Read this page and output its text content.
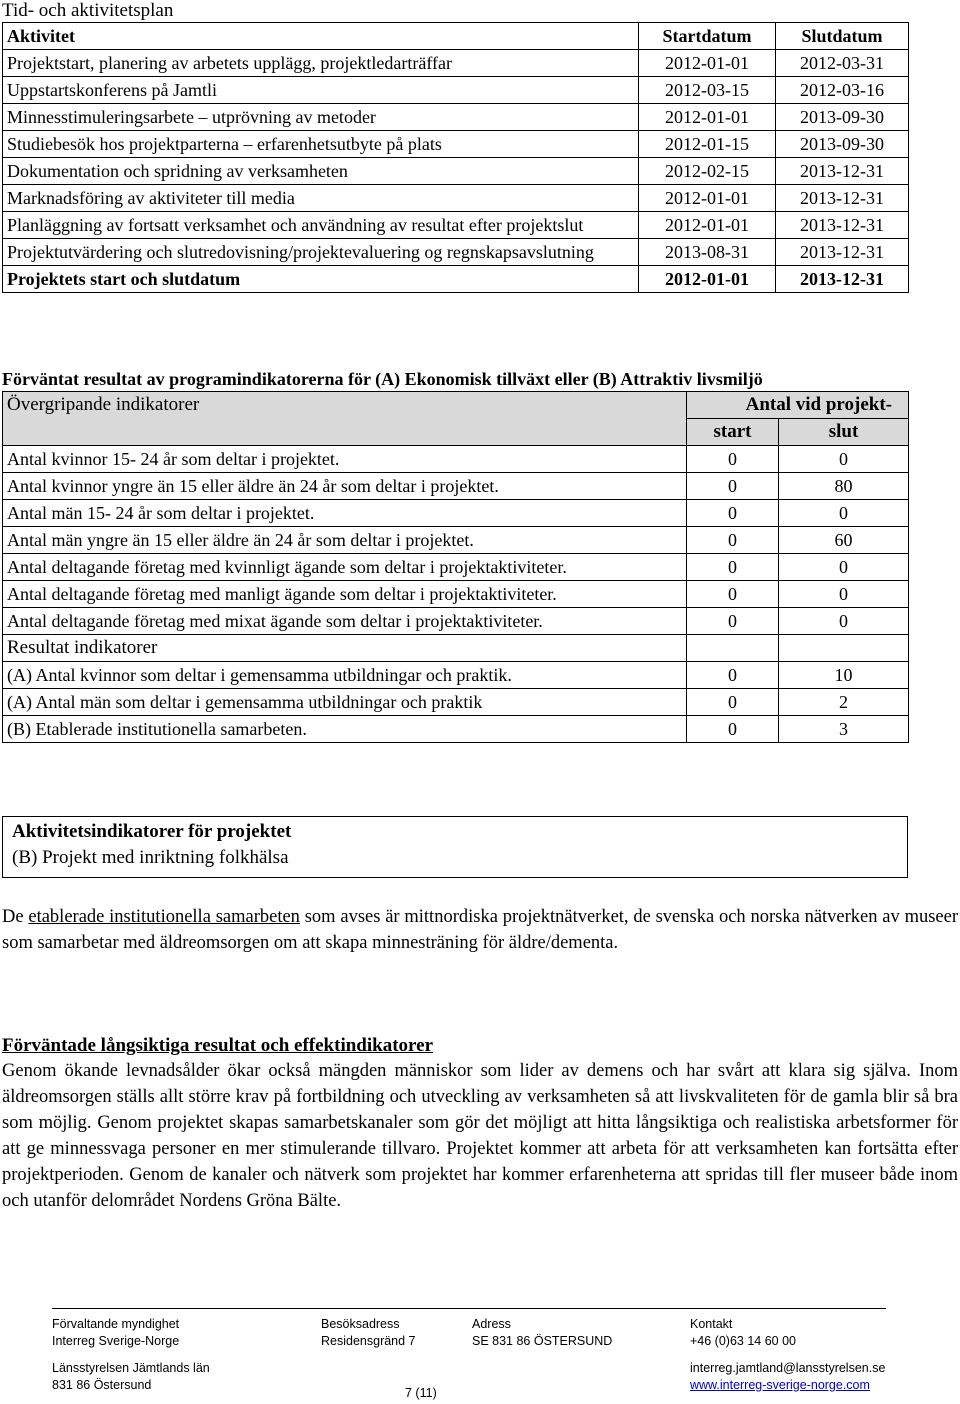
Tid- och aktivitetsplan
Aktivitet	Startdatum	Slutdatum
Projektstart, planering av arbetets upplägg, projektledarträffar	2012-01-01	2012-03-31
Uppstartskonferens på Jamtli	2012-03-15	2012-03-16
Minnesstimuleringsarbete – utprövning av metoder	2012-01-01	2013-09-30
Studiebesök hos projektparterna – erfarenhetsutbyte på plats	2012-01-15	2013-09-30
Dokumentation och spridning av verksamheten	2012-02-15	2013-12-31
Marknadsföring av aktiviteter till media	2012-01-01	2013-12-31
Planläggning av fortsatt verksamhet och användning av resultat efter projektslut	2012-01-01	2013-12-31
Projektutvärdering och slutredovisning/projektevaluering og regnskapsavslutning	2013-08-31	2013-12-31
Projektets start och slutdatum	2012-01-01	2013-12-31
Förväntat resultat av programindikatorerna för (A) Ekonomisk tillväxt eller (B) Attraktiv livsmiljö
Övergripande indikatorer	Antal vid projekt-	
	start	slut
Antal kvinnor 15- 24 år som deltar i projektet.	0	0
Antal kvinnor yngre än 15 eller äldre än 24 år som deltar i projektet.	0	80
Antal män 15- 24 år som deltar i projektet.	0	0
Antal män yngre än 15 eller äldre än 24 år som deltar i projektet.	0	60
Antal deltagande företag med kvinnligt ägande som deltar i projektaktiviteter.	0	0
Antal deltagande företag med manligt ägande som deltar i projektaktiviteter.	0	0
Antal deltagande företag med mixat ägande som deltar i projektaktiviteter.	0	0
Resultat indikatorer		
(A) Antal kvinnor som deltar i gemensamma utbildningar och praktik.	0	10
(A) Antal män som deltar i gemensamma utbildningar och praktik	0	2
(B) Etablerade institutionella samarbeten.	0	3
Aktivitetsindikatorer för projektet
(B) Projekt med inriktning folkhälsa

De etablerade institutionella samarbeten som avses är mittnordiska projektnätverket, de svenska och norska nätverken av museer som samarbetar med äldreomsorgen om att skapa minnesträning för äldre/dementa.

Förväntade långsiktiga resultat och effektindikatorer

Genom ökande levnadsålder ökar också mängden människor som lider av demens och har svårt att klara sig själva. Inom äldreomsorgen ställs allt större krav på fortbildning och utveckling av verksamheten så att livskvaliteten för de gamla blir så bra som möjlig. Genom projektet skapas samarbetskanaler som gör det möjligt att hitta långsiktiga och realistiska arbetsformer för att ge minnessvaga personer en mer stimulerande tillvaro. Projektet kommer att arbeta för att verksamheten kan fortsätta efter projektperioden. Genom de kanaler och nätverk som projektet har kommer erfarenheterna att spridas till fler museer både inom och utanför delområdet Nordens Gröna Bälte.

Förvaltande myndighet
Interreg Sverige-Norge
Länsstyrelsen Jämtlands län
831 86 Östersund
Besöksadress
Residensgränd 7
Adress
SE 831 86 ÖSTERSUND
Kontakt
+46 (0)63 14 60 00
interreg.jamtland@lansstyrelsen.se
www.interreg-sverige-norge.com
7 (11)
